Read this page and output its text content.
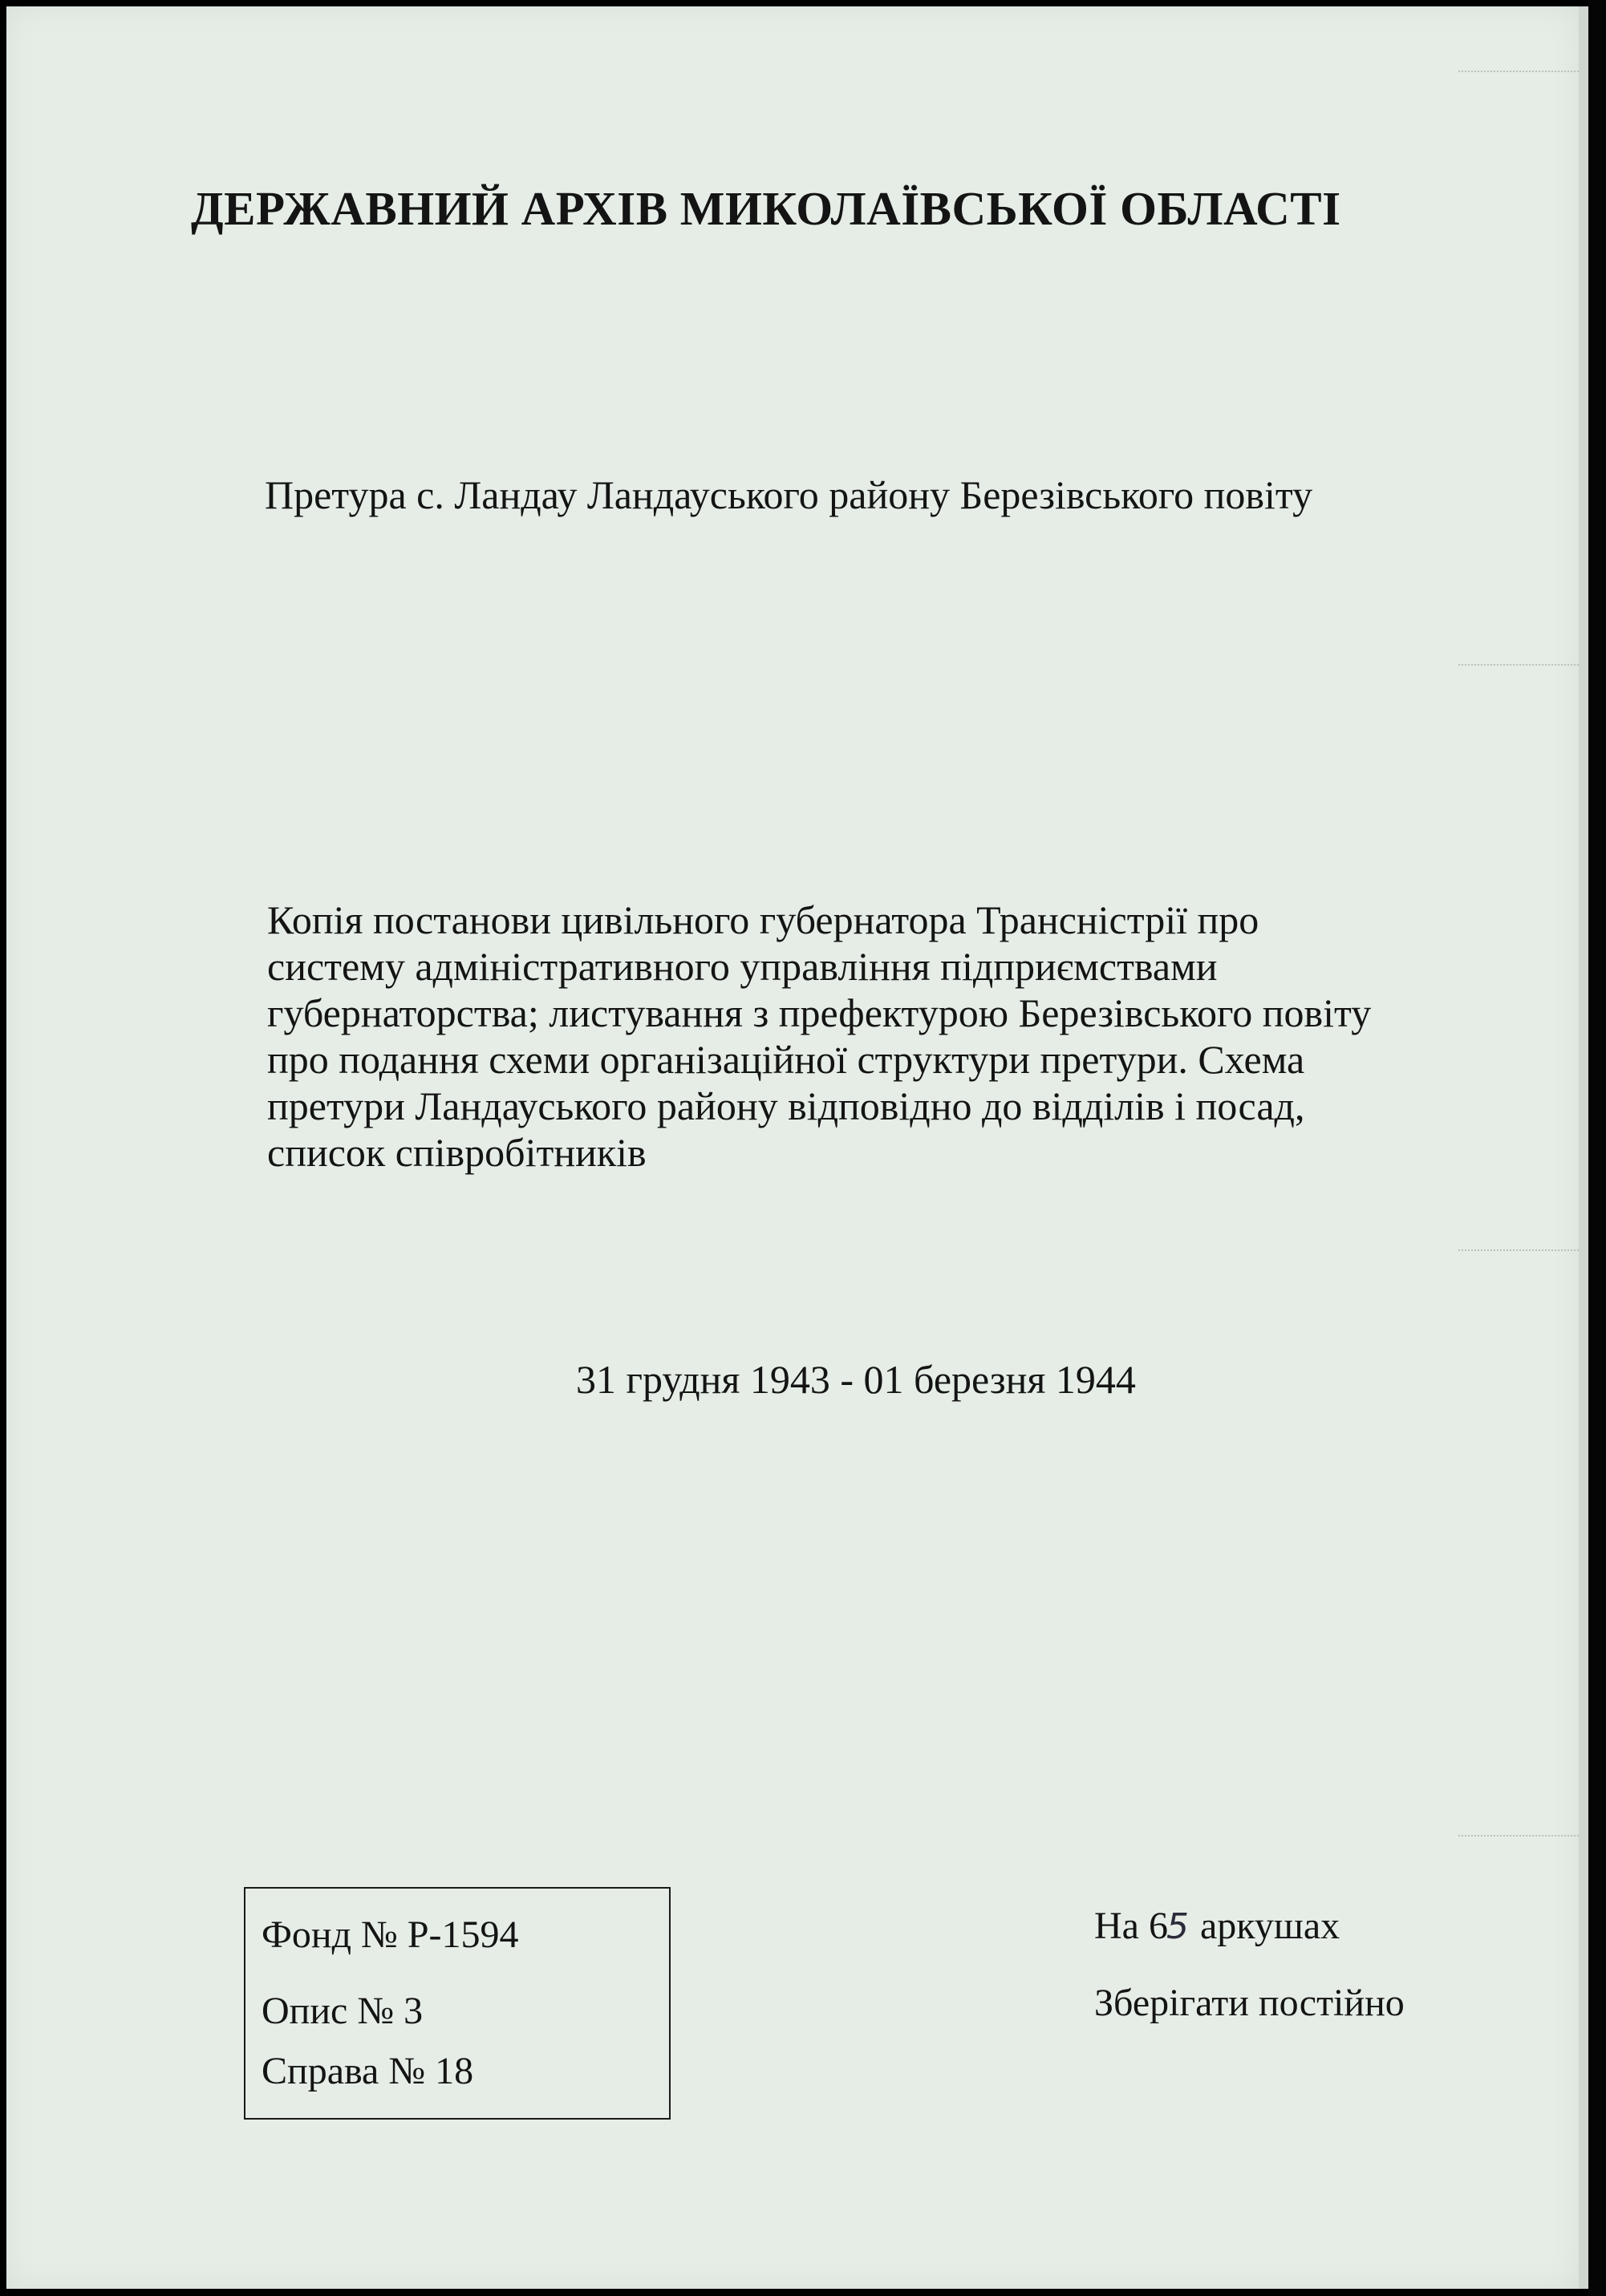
ДЕРЖАВНИЙ АРХІВ МИКОЛАЇВСЬКОЇ ОБЛАСТІ
Претура с. Ландау Ландауського району Березівського повіту
Копія постанови цивільного губернатора Трансністрії про
систему адміністративного управління підприємствами
губернаторства; листування з префектурою Березівського повіту
про подання схеми організаційної структури претури. Схема
претури Ландауського району відповідно до відділів і посад,
список співробітників
31 грудня 1943 - 01 березня 1944
Фонд № Р-1594
Опис № 3
Справа № 18
На 65 аркушах
Зберігати постійно
